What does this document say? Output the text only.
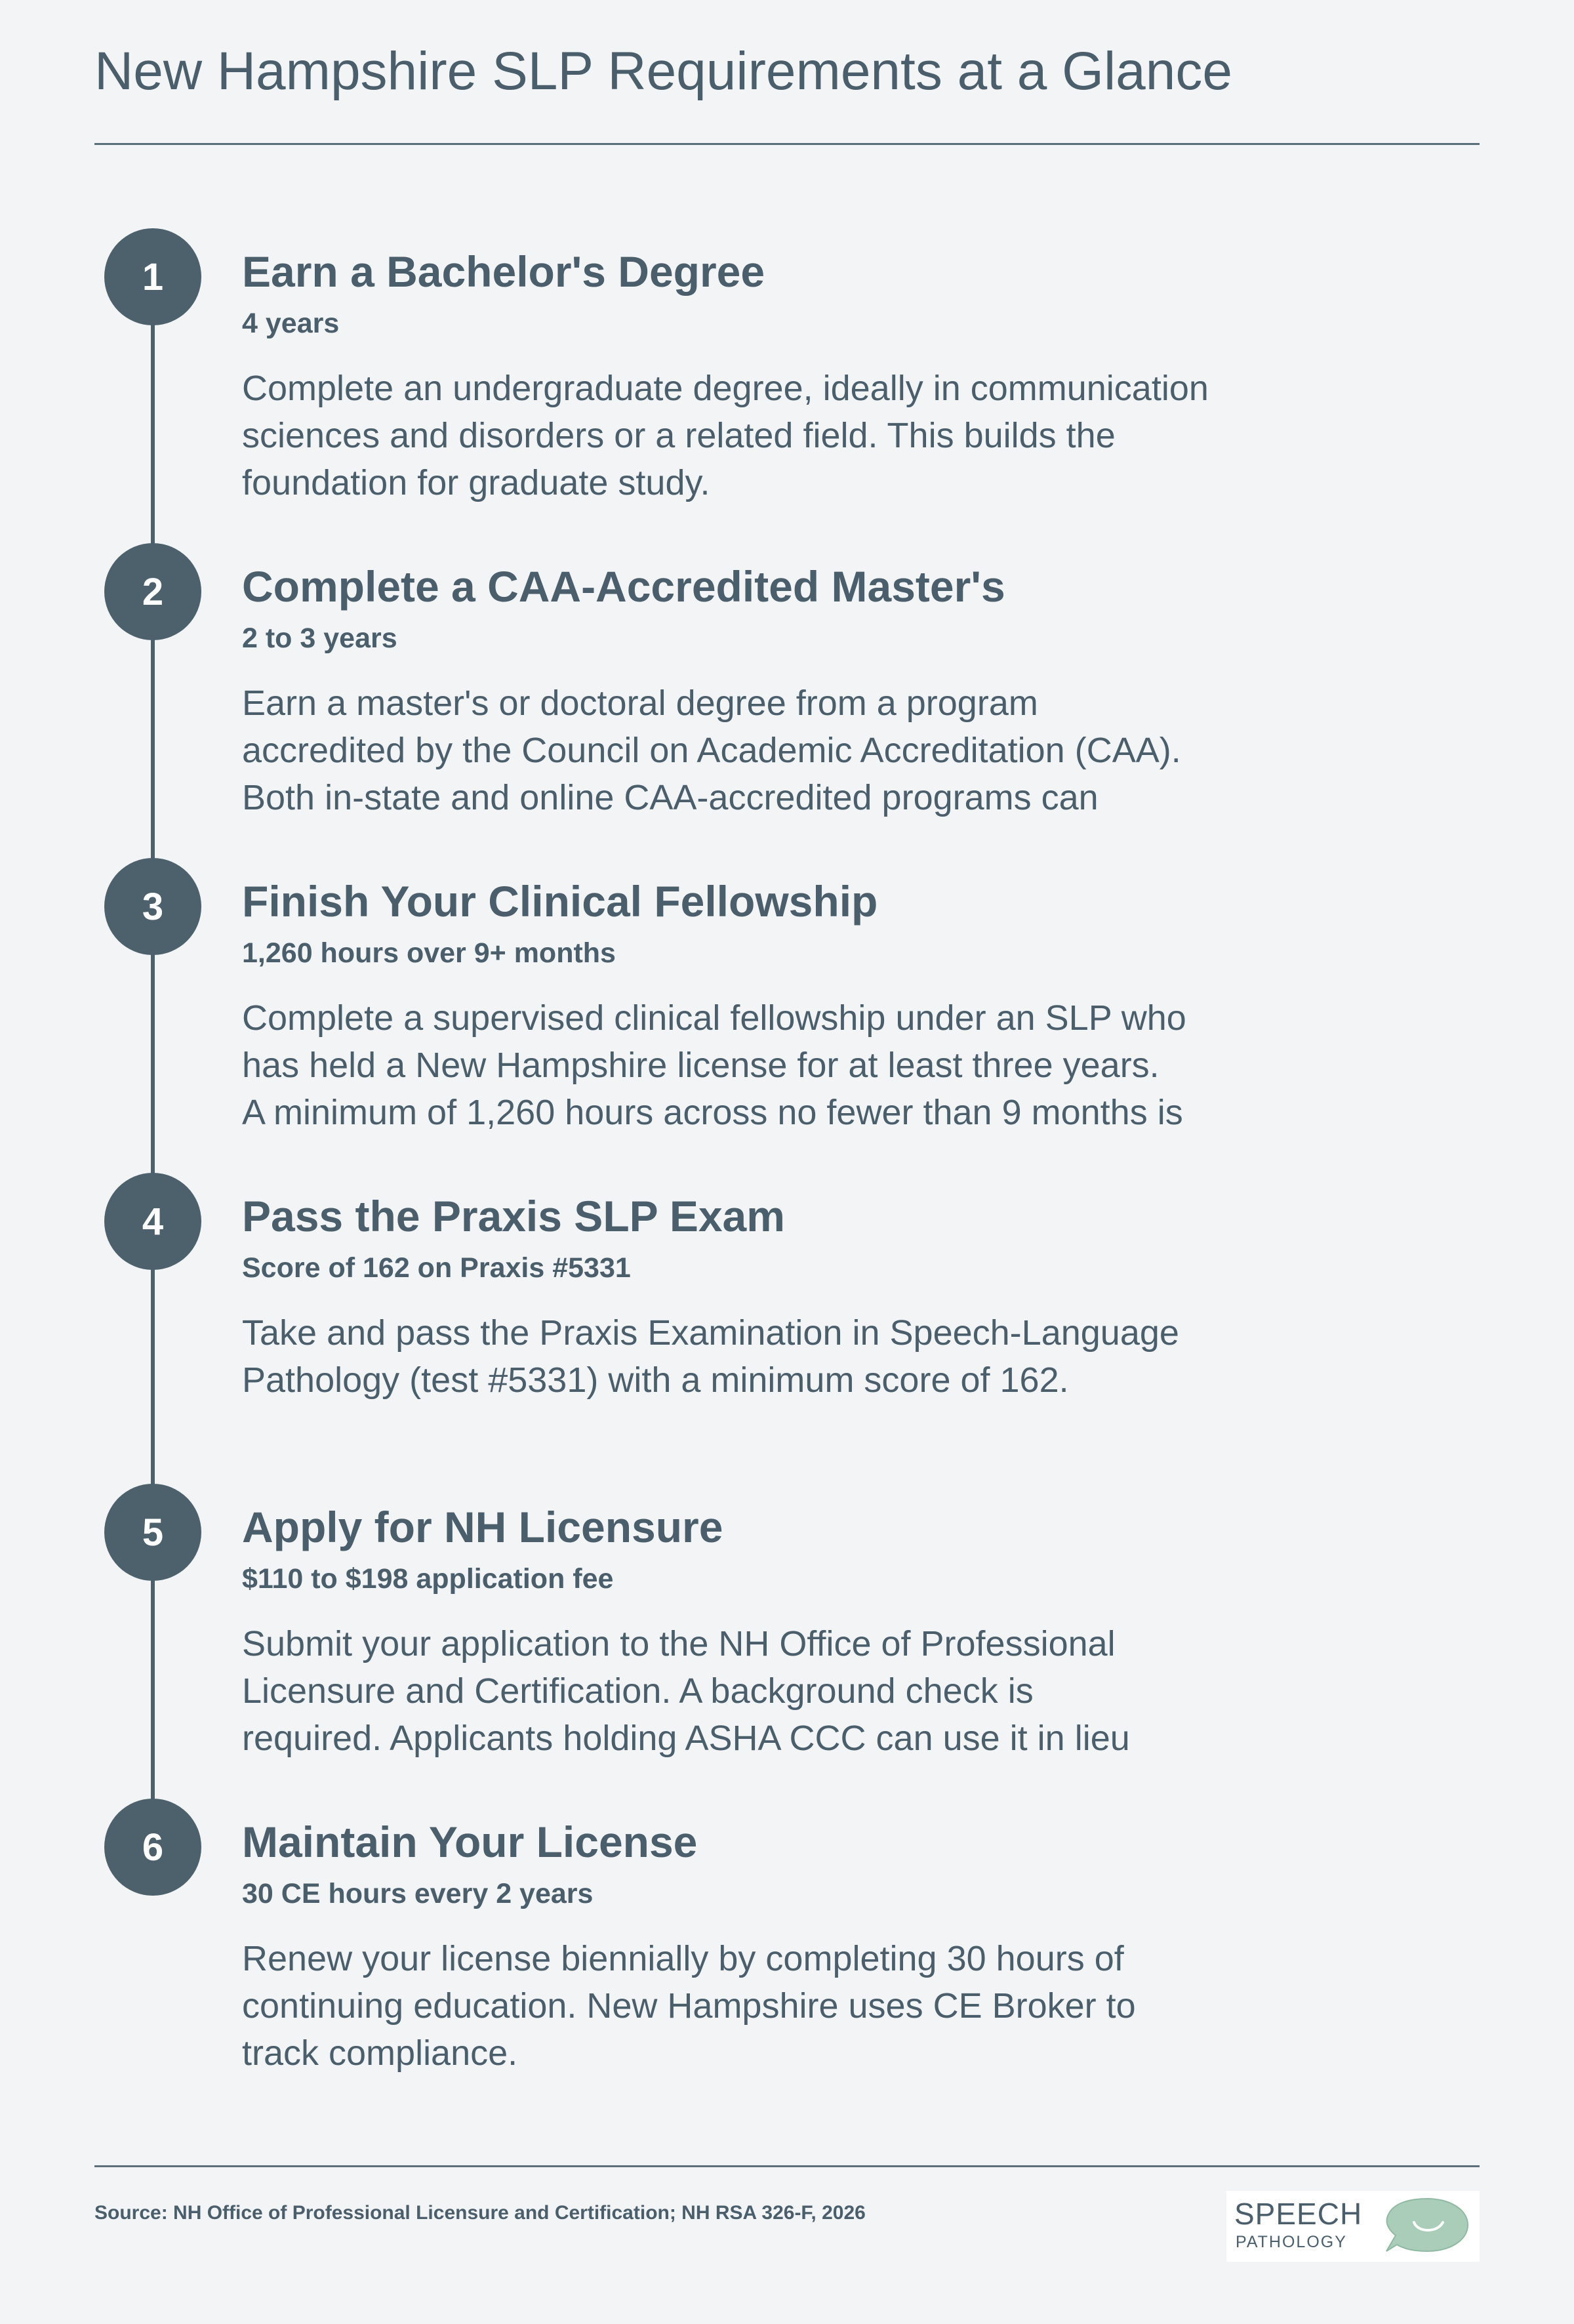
New Hampshire SLP Requirements at a Glance
1	Earn a Bachelor's Degree
4 years

Complete an undergraduate degree, ideally in communication
sciences and disorders or a related field. This builds the
foundation for graduate study.

2	Complete a CAA-Accredited Master's
2 to 3 years

Earn a master's or doctoral degree from a program
accredited by the Council on Academic Accreditation (CAA).
Both in-state and online CAA-accredited programs can

3	Finish Your Clinical Fellowship
1,260 hours over 9+ months

Complete a supervised clinical fellowship under an SLP who
has held a New Hampshire license for at least three years.
A minimum of 1,260 hours across no fewer than 9 months is

4	Pass the Praxis SLP Exam
Score of 162 on Praxis #5331

Take and pass the Praxis Examination in Speech-Language
Pathology (test #5331) with a minimum score of 162.

5	Apply for NH Licensure
$110 to $198 application fee

Submit your application to the NH Office of Professional
Licensure and Certification. A background check is
required. Applicants holding ASHA CCC can use it in lieu

6	Maintain Your License
30 CE hours every 2 years

Renew your license biennially by completing 30 hours of
continuing education. New Hampshire uses CE Broker to
track compliance.

Source: NH Office of Professional Licensure and Certification; NH RSA 326-F, 2026	SPEECH
PATHOLOGY
